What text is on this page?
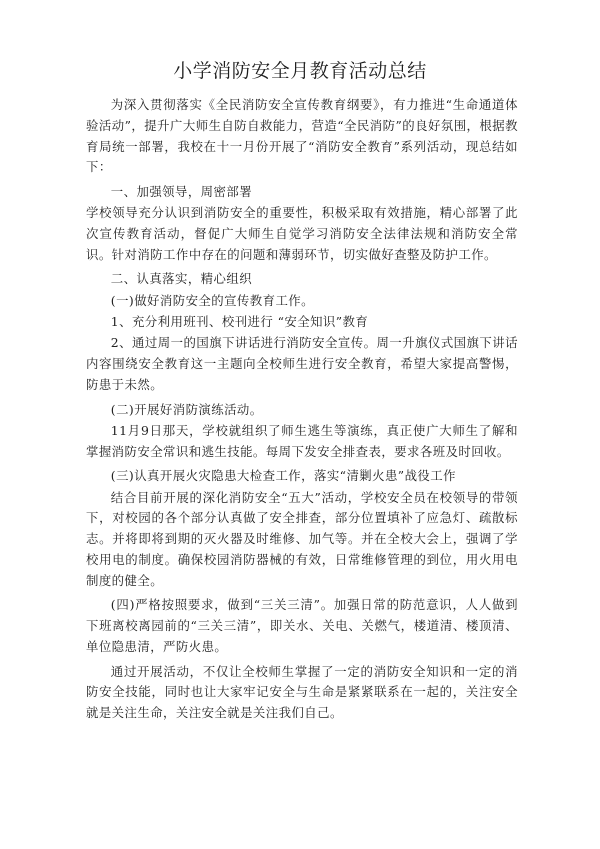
小学消防安全月教育活动总结

为深入贯彻落实《全民消防安全宣传教育纲要》，有力推进“生命通道体验活动”，提升广大师生自防自救能力，营造“全民消防”的良好氛围，根据教育局统一部署，我校在十一月份开展了“消防安全教育”系列活动，现总结如下：

一、加强领导，周密部署

学校领导充分认识到消防安全的重要性，积极采取有效措施，精心部署了此次宣传教育活动，督促广大师生自觉学习消防安全法律法规和消防安全常识。针对消防工作中存在的问题和薄弱环节，切实做好查整及防护工作。

二、认真落实，精心组织

(一)做好消防安全的宣传教育工作。

1、充分利用班刊、校刊进行 “安全知识”教育

2、通过周一的国旗下讲话进行消防安全宣传。周一升旗仪式国旗下讲话内容围绕安全教育这一主题向全校师生进行安全教育，希望大家提高警惕，防患于未然。

(二)开展好消防演练活动。

11月9日那天，学校就组织了师生逃生等演练，真正使广大师生了解和掌握消防安全常识和逃生技能。每周下发安全排查表，要求各班及时回收。

(三)认真开展火灾隐患大检查工作，落实“清剿火患”战役工作

结合目前开展的深化消防安全“五大”活动，学校安全员在校领导的带领下，对校园的各个部分认真做了安全排查，部分位置填补了应急灯、疏散标志。并将即将到期的灭火器及时维修、加气等。并在全校大会上，强调了学校用电的制度。确保校园消防器械的有效，日常维修管理的到位，用火用电制度的健全。

(四)严格按照要求，做到“三关三清”。加强日常的防范意识，人人做到下班离校离园前的“三关三清”，即关水、关电、关燃气，楼道清、楼顶清、单位隐患清，严防火患。

通过开展活动，不仅让全校师生掌握了一定的消防安全知识和一定的消防安全技能，同时也让大家牢记安全与生命是紧紧联系在一起的，关注安全就是关注生命，关注安全就是关注我们自己。
